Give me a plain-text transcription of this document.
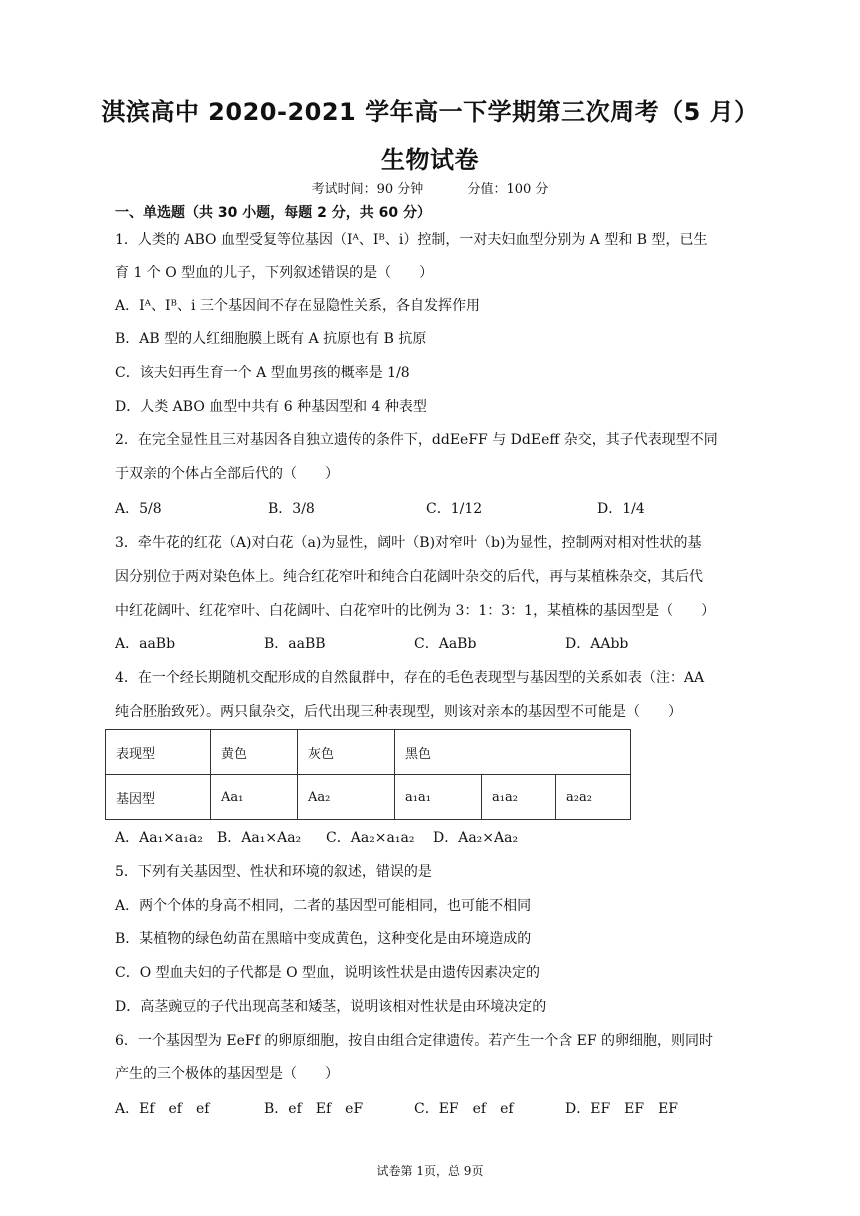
淇滨高中 2020-2021 学年高一下学期第三次周考（5 月）
生物试卷
考试时间：90 分钟	分值：100 分
一、单选题（共 30 小题，每题 2 分，共 60 分）
1．人类的 ABO 血型受复等位基因（Iᴬ、Iᴮ、i）控制，一对夫妇血型分别为 A 型和 B 型，已生
育 1 个 O 型血的儿子，下列叙述错误的是（　　）
A．Iᴬ、Iᴮ、i 三个基因间不存在显隐性关系，各自发挥作用
B．AB 型的人红细胞膜上既有 A 抗原也有 B 抗原
C．该夫妇再生育一个 A 型血男孩的概率是 1/8
D．人类 ABO 血型中共有 6 种基因型和 4 种表型
2．在完全显性且三对基因各自独立遗传的条件下，ddEeFF 与 DdEeff 杂交，其子代表现型不同
于双亲的个体占全部后代的（　　）
A．5/8	B．3/8	C．1/12	D．1/4
3．牵牛花的红花（A)对白花（a)为显性，阔叶（B)对窄叶（b)为显性，控制两对相对性状的基
因分别位于两对染色体上。纯合红花窄叶和纯合白花阔叶杂交的后代，再与某植株杂交，其后代
中红花阔叶、红花窄叶、白花阔叶、白花窄叶的比例为 3：1：3：1，某植株的基因型是（　　）
A．aaBb	B．aaBB	C．AaBb	D．AAbb
4．在一个经长期随机交配形成的自然鼠群中，存在的毛色表现型与基因型的关系如表（注：AA
纯合胚胎致死）。两只鼠杂交，后代出现三种表现型，则该对亲本的基因型不可能是（　　）
表现型	黄色	灰色	黑色		
基因型	Aa₁	Aa₂	a₁a₁	a₁a₂	a₂a₂
A．Aa₁×a₁a₂ B．Aa₁×Aa₂ C．Aa₂×a₁a₂ D．Aa₂×Aa₂
5．下列有关基因型、性状和环境的叙述，错误的是
A．两个个体的身高不相同，二者的基因型可能相同，也可能不相同
B．某植物的绿色幼苗在黑暗中变成黄色，这种变化是由环境造成的
C．O 型血夫妇的子代都是 O 型血，说明该性状是由遗传因素决定的
D．高茎豌豆的子代出现高茎和矮茎，说明该相对性状是由环境决定的
6．一个基因型为 EeFf 的卵原细胞，按自由组合定律遗传。若产生一个含 EF 的卵细胞，则同时
产生的三个极体的基因型是（　　）
A．Ef　ef　ef	B．ef　Ef　eF	C．EF　ef　ef	D．EF　EF　EF
试卷第 1页，总 9页
